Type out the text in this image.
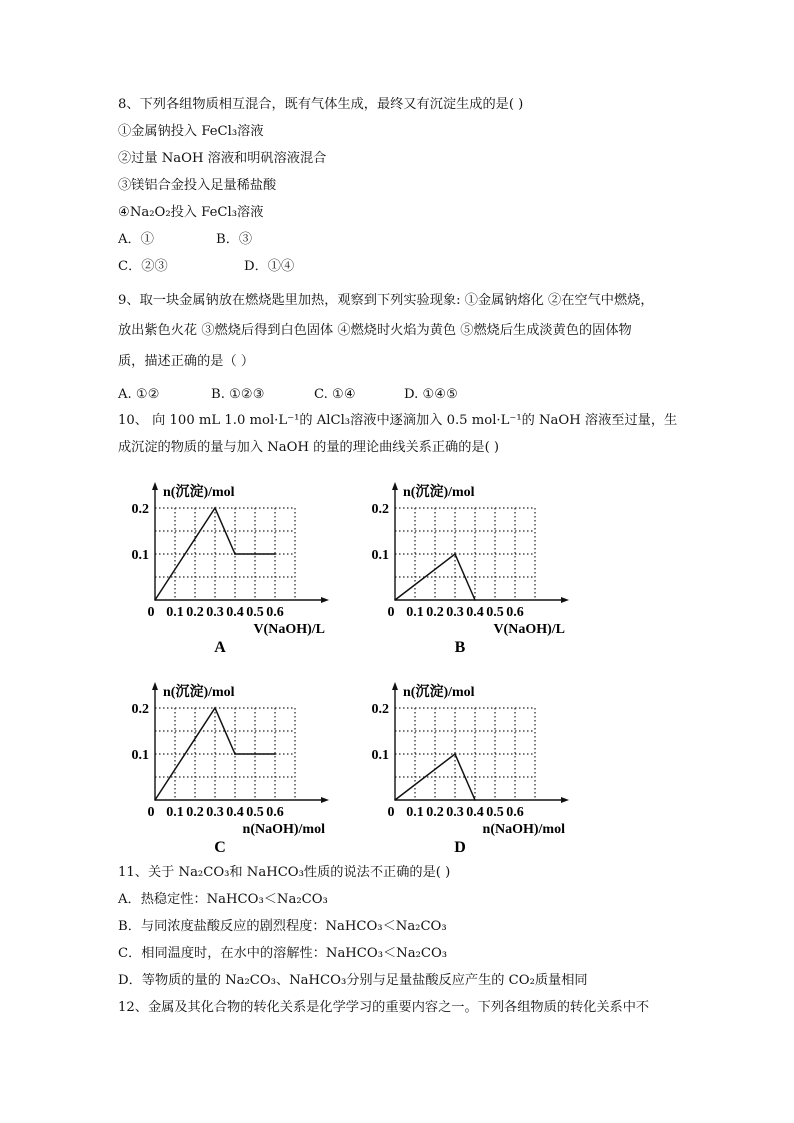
8、下列各组物质相互混合，既有气体生成，最终又有沉淀生成的是( )
①金属钠投入 FeCl₃溶液
②过量 NaOH 溶液和明矾溶液混合
③镁铝合金投入足量稀盐酸
④Na₂O₂投入 FeCl₃溶液
A．①	B．③
C．②③	D．①④
9、取一块金属钠放在燃烧匙里加热，观察到下列实验现象: ①金属钠熔化 ②在空气中燃烧，
放出紫色火花 ③燃烧后得到白色固体 ④燃烧时火焰为黄色 ⑤燃烧后生成淡黄色的固体物
质，描述正确的是（ ）
A. ①②	B. ①②③	C. ①④	D. ①④⑤
10、 向 100 mL 1.0 mol·L⁻¹的 AlCl₃溶液中逐滴加入 0.5 mol·L⁻¹的 NaOH 溶液至过量，生
成沉淀的物质的量与加入 NaOH 的量的理论曲线关系正确的是( )
0 0.1 0.2 0.3 0.4 0.5 0.6
0.1
0.2
n(沉淀)/mol
V(NaOH)/L
A
0 0.1 0.2 0.3 0.4 0.5 0.6
0.1
0.2
n(沉淀)/mol
V(NaOH)/L
B
0 0.1 0.2 0.3 0.4 0.5 0.6
0.1
0.2
n(沉淀)/mol
n(NaOH)/mol
C
0 0.1 0.2 0.3 0.4 0.5 0.6
0.1
0.2
n(沉淀)/mol
n(NaOH)/mol
D
11、关于 Na₂CO₃和 NaHCO₃性质的说法不正确的是( )
A．热稳定性：NaHCO₃＜Na₂CO₃
B．与同浓度盐酸反应的剧烈程度：NaHCO₃＜Na₂CO₃
C．相同温度时，在水中的溶解性：NaHCO₃＜Na₂CO₃
D．等物质的量的 Na₂CO₃、NaHCO₃分别与足量盐酸反应产生的 CO₂质量相同
12、金属及其化合物的转化关系是化学学习的重要内容之一。下列各组物质的转化关系中不
